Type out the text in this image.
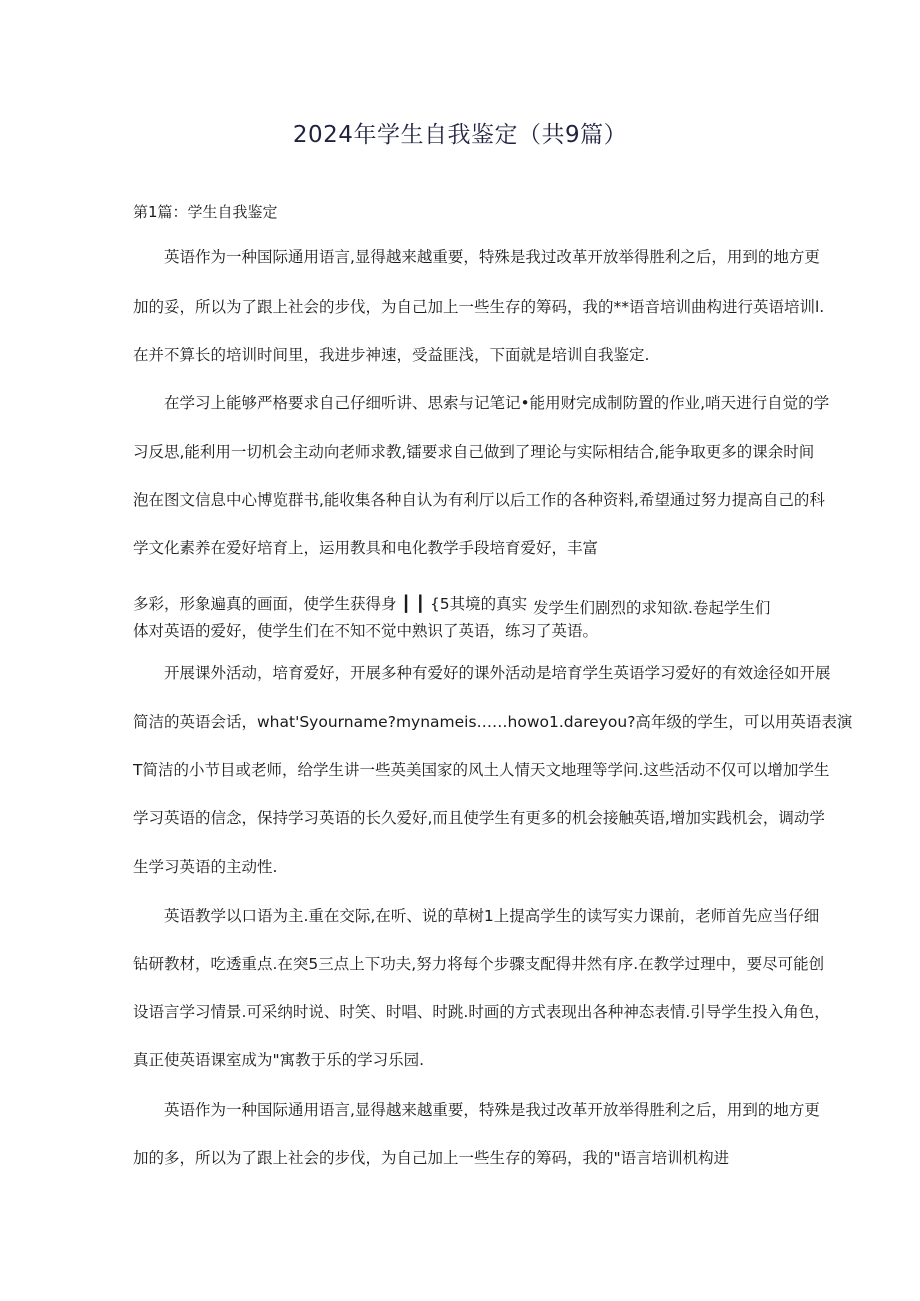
2024年学生自我鉴定（共9篇）
第1篇：学生自我鉴定
英语作为一种国际通用语言,显得越来越重要，特殊是我过改革开放举得胜利之后，用到的地方更
加的妥，所以为了跟上社会的步伐，为自己加上一些生存的筹码，我的**语音培训曲构进行英语培训l.
在并不算长的培训时间里，我进步神速，受益匪浅，下面就是培训自我鉴定.
在学习上能够严格要求自己仔细听讲、思索与记笔记•能用财完成制防置的作业,哨天进行自觉的学
习反思,能利用一切机会主动向老师求教,镭要求自己做到了理论与实际相结合,能争取更多的课余时间
泡在图文信息中心博览群书,能收集各种自认为有利厅以后工作的各种资料,希望通过努力提高自己的科
学文化素养在爱好培育上，运用教具和电化教学手段培育爱好，丰富
多彩，形象遍真的画面，使学生获得身 ┃ ┃ {5其境的真实 发学生们剧烈的求知欲.卷起学生们
体对英语的爱好，使学生们在不知不觉中熟识了英语，练习了英语。
开展课外活动，培育爱好，开展多种有爱好的课外活动是培育学生英语学习爱好的有效途径如开展
简洁的英语会话，what'Syourname?mynameis……howo1.dareyou?高年级的学生，可以用英语表演
T简洁的小节目或老师，给学生讲一些英美国家的风土人情天文地理等学问.这些活动不仅可以增加学生
学习英语的信念，保持学习英语的长久爱好,而且使学生有更多的机会接触英语,增加实践机会，调动学
生学习英语的主动性.
英语教学以口语为主.重在交际,在听、说的草树1上提高学生的读写实力课前，老师首先应当仔细
钻研教材，吃透重点.在突5三点上下功夫,努力将每个步骤支配得井然有序.在教学过理中，要尽可能创
设语言学习情景.可采纳时说、时笑、时唱、时跳.时画的方式表现出各种神态表情.引导学生投入角色，
真正使英语课室成为"寓教于乐的学习乐园.
英语作为一种国际通用语言,显得越来越重要，特殊是我过改革开放举得胜利之后，用到的地方更
加的多，所以为了跟上社会的步伐，为自己加上一些生存的筹码，我的"语言培训机构进
